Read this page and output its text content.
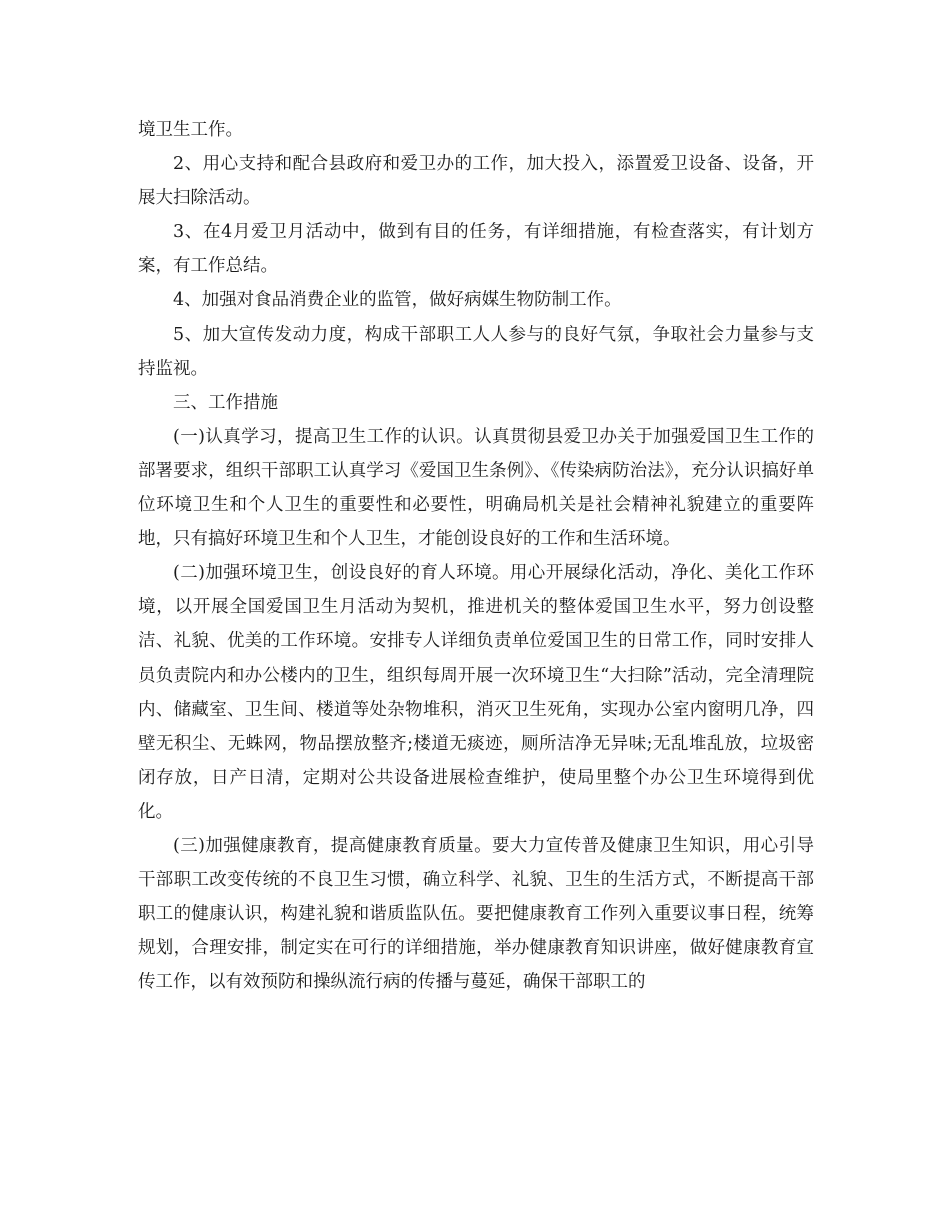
境卫生工作。

2、用心支持和配合县政府和爱卫办的工作，加大投入，添置爱卫设备、设备，开展大扫除活动。

3、在4月爱卫月活动中，做到有目的任务，有详细措施，有检查落实，有计划方案，有工作总结。

4、加强对食品消费企业的监管，做好病媒生物防制工作。

5、加大宣传发动力度，构成干部职工人人参与的良好气氛，争取社会力量参与支持监视。

三、工作措施

(一)认真学习，提高卫生工作的认识。认真贯彻县爱卫办关于加强爱国卫生工作的部署要求，组织干部职工认真学习《爱国卫生条例》、《传染病防治法》，充分认识搞好单位环境卫生和个人卫生的重要性和必要性，明确局机关是社会精神礼貌建立的重要阵地，只有搞好环境卫生和个人卫生，才能创设良好的工作和生活环境。

(二)加强环境卫生，创设良好的育人环境。用心开展绿化活动，净化、美化工作环境，以开展全国爱国卫生月活动为契机，推进机关的整体爱国卫生水平，努力创设整洁、礼貌、优美的工作环境。安排专人详细负责单位爱国卫生的日常工作，同时安排人员负责院内和办公楼内的卫生，组织每周开展一次环境卫生“大扫除”活动，完全清理院内、储藏室、卫生间、楼道等处杂物堆积，消灭卫生死角，实现办公室内窗明几净，四壁无积尘、无蛛网，物品摆放整齐;楼道无痰迹，厕所洁净无异味;无乱堆乱放，垃圾密闭存放，日产日清，定期对公共设备进展检查维护，使局里整个办公卫生环境得到优化。

(三)加强健康教育，提高健康教育质量。要大力宣传普及健康卫生知识，用心引导干部职工改变传统的不良卫生习惯，确立科学、礼貌、卫生的生活方式，不断提高干部职工的健康认识，构建礼貌和谐质监队伍。要把健康教育工作列入重要议事日程，统筹规划，合理安排，制定实在可行的详细措施，举办健康教育知识讲座，做好健康教育宣传工作，以有效预防和操纵流行病的传播与蔓延，确保干部职工的
